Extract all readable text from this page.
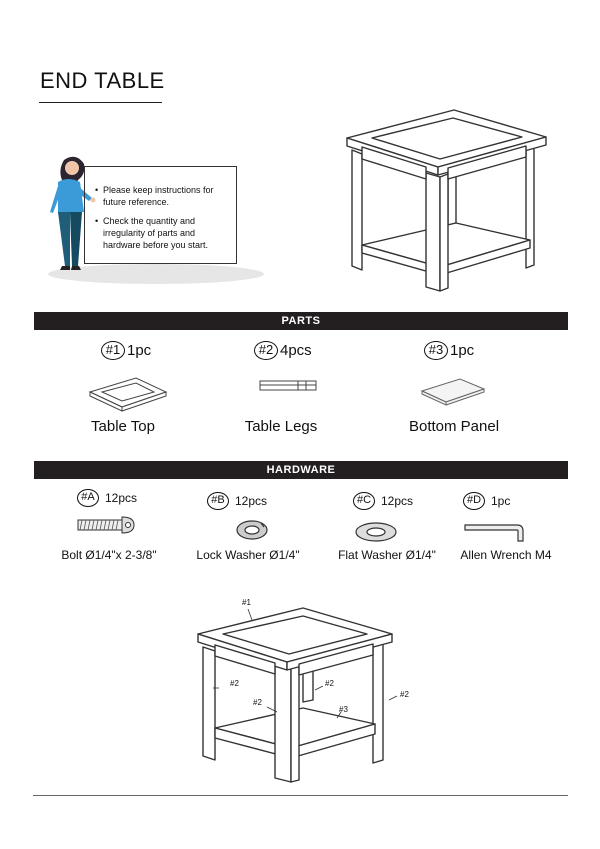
END TABLE
• Please keep instructions for future reference.
• Check the quantity and irregularity of parts and hardware before you start.
PARTS
#1 1pc	#2 4pcs	#3 1pc
Table Top	Table Legs	Bottom Panel
HARDWARE
#A 12pcs	#B 12pcs	#C 12pcs	#D 1pc
Bolt Ø1/4"x 2-3/8"	Lock Washer Ø1/4"	Flat Washer Ø1/4"	Allen Wrench M4
#1
#2
#2
#2
#2
#3
